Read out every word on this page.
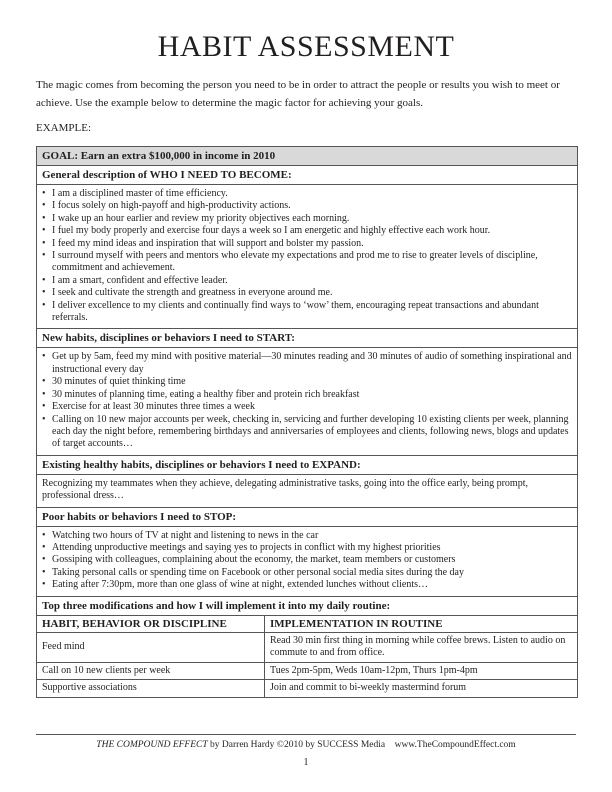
HABIT ASSESSMENT
The magic comes from becoming the person you need to be in order to attract the people or results you wish to meet or achieve. Use the example below to determine the magic factor for achieving your goals.
EXAMPLE:
GOAL: Earn an extra $100,000 in income in 2010
General description of WHO I NEED TO BECOME:
• I am a disciplined master of time efficiency.
• I focus solely on high-payoff and high-productivity actions.
• I wake up an hour earlier and review my priority objectives each morning.
• I fuel my body properly and exercise four days a week so I am energetic and highly effective each work hour.
• I feed my mind ideas and inspiration that will support and bolster my passion.
• I surround myself with peers and mentors who elevate my expectations and prod me to rise to greater levels of discipline, commitment and achievement.
• I am a smart, confident and effective leader.
• I seek and cultivate the strength and greatness in everyone around me.
• I deliver excellence to my clients and continually find ways to ‘wow’ them, encouraging repeat transactions and abundant referrals.
New habits, disciplines or behaviors I need to START:
• Get up by 5am, feed my mind with positive material—30 minutes reading and 30 minutes of audio of something inspirational and instructional every day
• 30 minutes of quiet thinking time
• 30 minutes of planning time, eating a healthy fiber and protein rich breakfast
• Exercise for at least 30 minutes three times a week
• Calling on 10 new major accounts per week, checking in, servicing and further developing 10 existing clients per week, planning each day the night before, remembering birthdays and anniversaries of employees and clients, following news, blogs and updates of target accounts…
Existing healthy habits, disciplines or behaviors I need to EXPAND:
Recognizing my teammates when they achieve, delegating administrative tasks, going into the office early, being prompt, professional dress…
Poor habits or behaviors I need to STOP:
• Watching two hours of TV at night and listening to news in the car
• Attending unproductive meetings and saying yes to projects in conflict with my highest priorities
• Gossiping with colleagues, complaining about the economy, the market, team members or customers
• Taking personal calls or spending time on Facebook or other personal social media sites during the day
• Eating after 7:30pm, more than one glass of wine at night, extended lunches without clients…
Top three modifications and how I will implement it into my daily routine:
HABIT, BEHAVIOR OR DISCIPLINE	IMPLEMENTATION IN ROUTINE
Feed mind	Read 30 min first thing in morning while coffee brews. Listen to audio on commute to and from office.
Call on 10 new clients per week	Tues 2pm-5pm, Weds 10am-12pm, Thurs 1pm-4pm
Supportive associations	Join and commit to bi-weekly mastermind forum
THE COMPOUND EFFECT by Darren Hardy ©2010 by SUCCESS Media www.TheCompoundEffect.com
1
